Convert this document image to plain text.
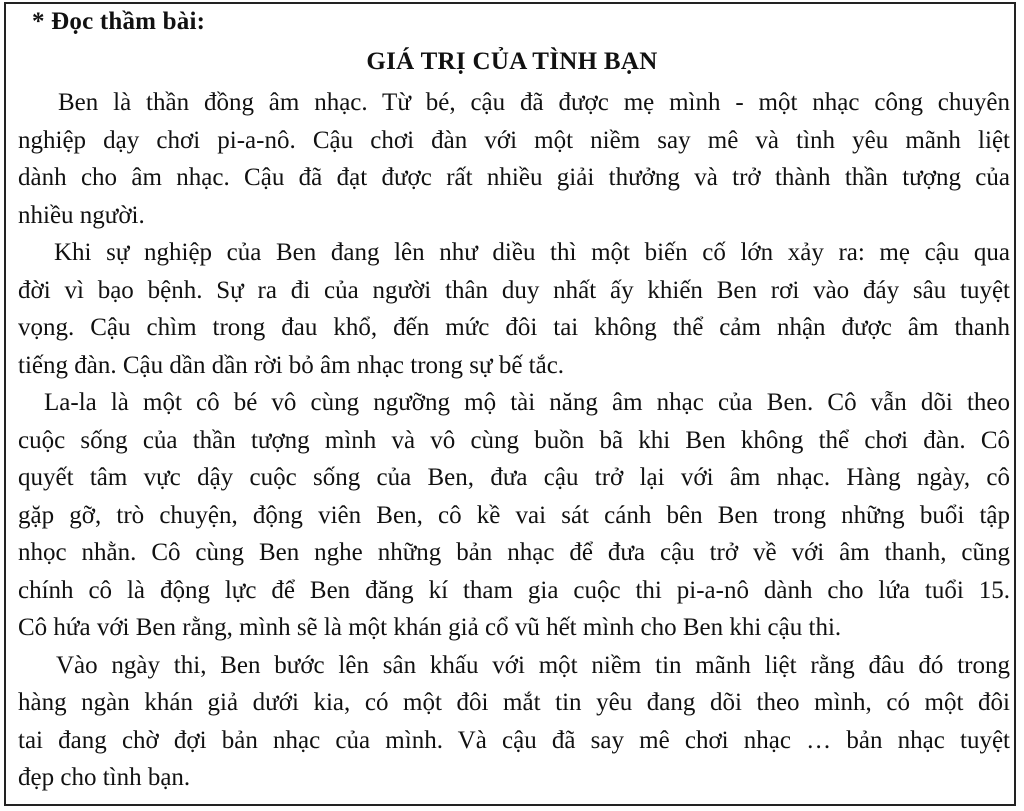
* Đọc thầm bài:
GIÁ TRỊ CỦA TÌNH BẠN
Ben là thần đồng âm nhạc. Từ bé, cậu đã được mẹ mình - một nhạc công chuyên
nghiệp dạy chơi pi-a-nô. Cậu chơi đàn với một niềm say mê và tình yêu mãnh liệt
dành cho âm nhạc. Cậu đã đạt được rất nhiều giải thưởng và trở thành thần tượng của
nhiều người.
Khi sự nghiệp của Ben đang lên như diều thì một biến cố lớn xảy ra: mẹ cậu qua
đời vì bạo bệnh. Sự ra đi của người thân duy nhất ấy khiến Ben rơi vào đáy sâu tuyệt
vọng. Cậu chìm trong đau khổ, đến mức đôi tai không thể cảm nhận được âm thanh
tiếng đàn. Cậu dần dần rời bỏ âm nhạc trong sự bế tắc.
La-la là một cô bé vô cùng ngưỡng mộ tài năng âm nhạc của Ben. Cô vẫn dõi theo
cuộc sống của thần tượng mình và vô cùng buồn bã khi Ben không thể chơi đàn. Cô
quyết tâm vực dậy cuộc sống của Ben, đưa cậu trở lại với âm nhạc. Hàng ngày, cô
gặp gỡ, trò chuyện, động viên Ben, cô kề vai sát cánh bên Ben trong những buổi tập
nhọc nhằn. Cô cùng Ben nghe những bản nhạc để đưa cậu trở về với âm thanh, cũng
chính cô là động lực để Ben đăng kí tham gia cuộc thi pi-a-nô dành cho lứa tuổi 15.
Cô hứa với Ben rằng, mình sẽ là một khán giả cổ vũ hết mình cho Ben khi cậu thi.
Vào ngày thi, Ben bước lên sân khấu với một niềm tin mãnh liệt rằng đâu đó trong
hàng ngàn khán giả dưới kia, có một đôi mắt tin yêu đang dõi theo mình, có một đôi
tai đang chờ đợi bản nhạc của mình. Và cậu đã say mê chơi nhạc … bản nhạc tuyệt
đẹp cho tình bạn.
